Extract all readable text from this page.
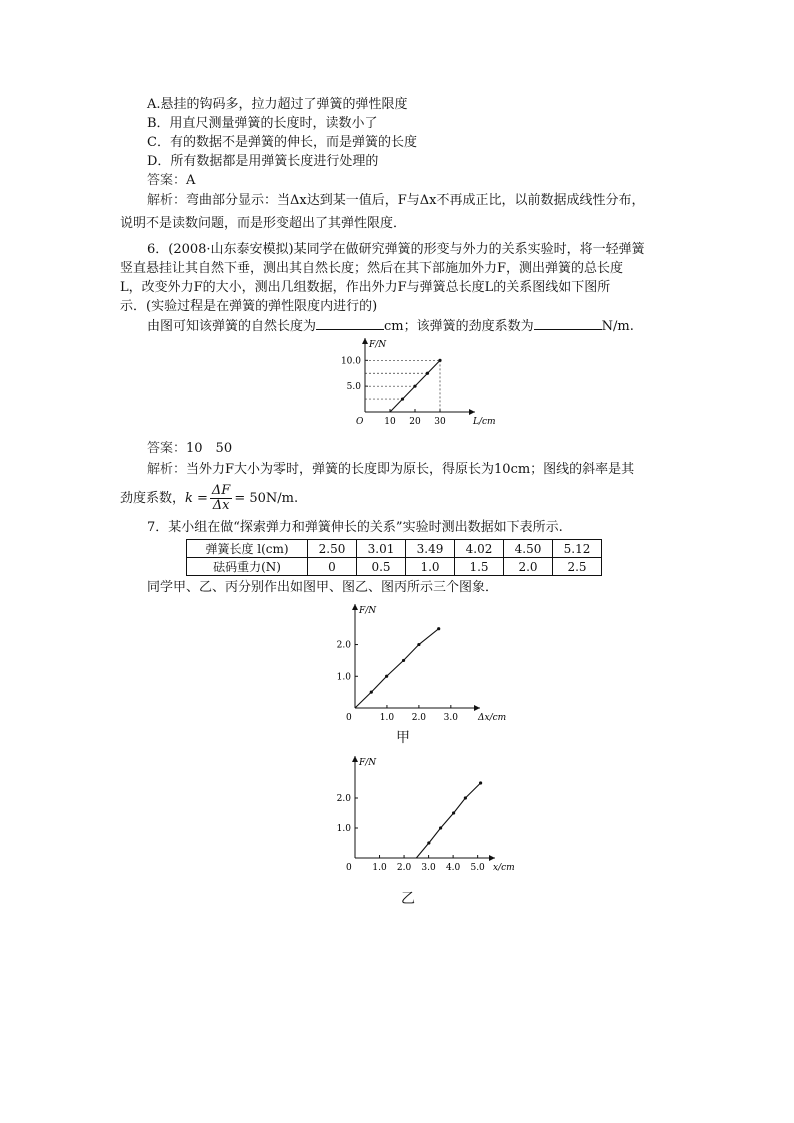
A.悬挂的钩码多，拉力超过了弹簧的弹性限度
B．用直尺测量弹簧的长度时，读数小了
C．有的数据不是弹簧的伸长，而是弹簧的长度
D．所有数据都是用弹簧长度进行处理的
答案：A
解析：弯曲部分显示：当Δx达到某一值后，F与Δx不再成正比，以前数据成线性分布，
说明不是读数问题，而是形变超出了其弹性限度．
6．(2008·山东泰安模拟)某同学在做研究弹簧的形变与外力的关系实验时，将一轻弹簧
竖直悬挂让其自然下垂，测出其自然长度；然后在其下部施加外力F，测出弹簧的总长度
L，改变外力F的大小，测出几组数据，作出外力F与弹簧总长度L的关系图线如下图所
示．(实验过程是在弹簧的弹性限度内进行的)
由图可知该弹簧的自然长度为	cm；该弹簧的劲度系数为	N/m.
F/N
L/cm
O 10 20 30
5.0
10.0
答案：10　50
解析：当外力F大小为零时，弹簧的长度即为原长，得原长为10cm；图线的斜率是其
劲度系数，$k = \frac{\Delta F}{\Delta x} = 50N/m$.
7．某小组在做“探索弹力和弹簧伸长的关系”实验时测出数据如下表所示.
弹簧长度 l(cm)	2.50	3.01	3.49	4.02	4.50	5.12
砝码重力(N)	0	0.5	1.0	1.5	2.0	2.5
同学甲、乙、丙分别作出如图甲、图乙、图丙所示三个图象．
F/N
Δx/cm
0	1.0 2.0 3.0
1.0
2.0
甲
F/N
x/cm
0 1.0 2.0 3.0 4.0 5.0
1.0
2.0
乙
